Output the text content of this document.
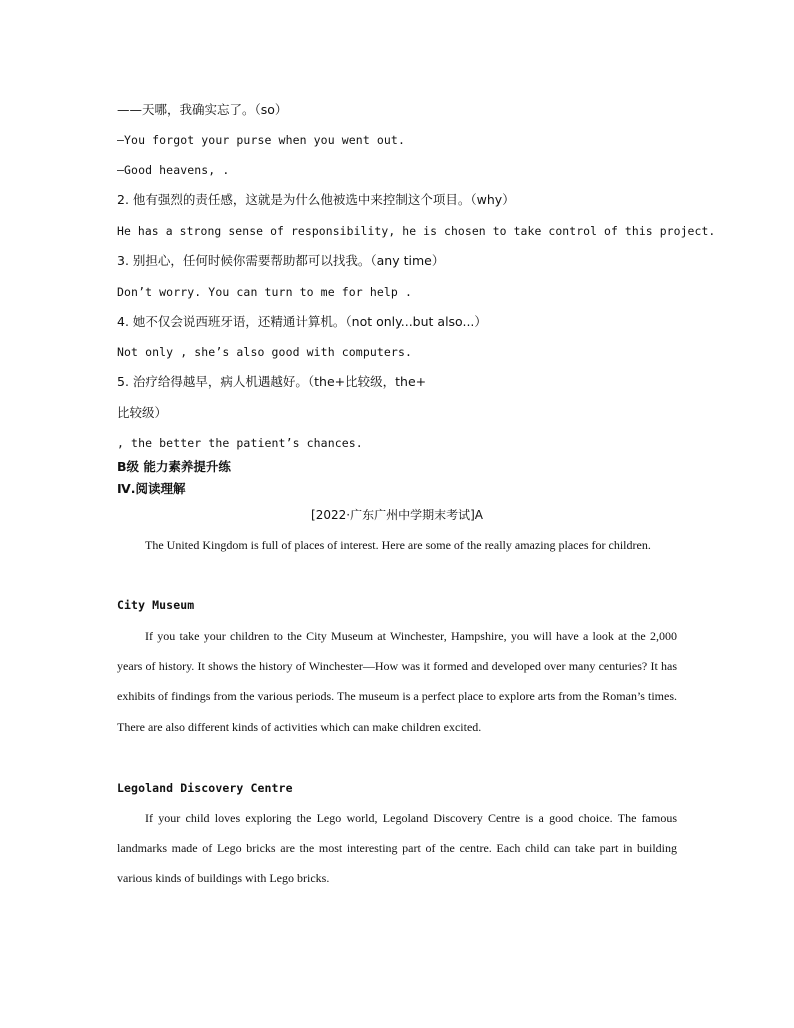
——天哪，我确实忘了。（so）
—You forgot your purse when you went out.
—Good heavens, .
2. 他有强烈的责任感，这就是为什么他被选中来控制这个项目。（why）
He has a strong sense of responsibility, he is chosen to take control of this project.
3. 别担心，任何时候你需要帮助都可以找我。（any time）
Don’t worry. You can turn to me for help .
4. 她不仅会说西班牙语，还精通计算机。（not only...but also...）
Not only , she’s also good with computers.
5. 治疗给得越早，病人机遇越好。（the+比较级，the+
比较级）
, the better the patient’s chances.
B级 能力素养提升练
Ⅳ.阅读理解
[2022·广东广州中学期末考试]A
The United Kingdom is full of places of interest. Here are some of the really amazing places for children.
City Museum
If you take your children to the City Museum at Winchester, Hampshire, you will have a look at the 2,000 years of history. It shows the history of Winchester—How was it formed and developed over many centuries? It has exhibits of findings from the various periods. The museum is a perfect place to explore arts from the Roman’s times. There are also different kinds of activities which can make children excited.
Legoland Discovery Centre
If your child loves exploring the Lego world, Legoland Discovery Centre is a good choice. The famous landmarks made of Lego bricks are the most interesting part of the centre. Each child can take part in building various kinds of buildings with Lego bricks.
